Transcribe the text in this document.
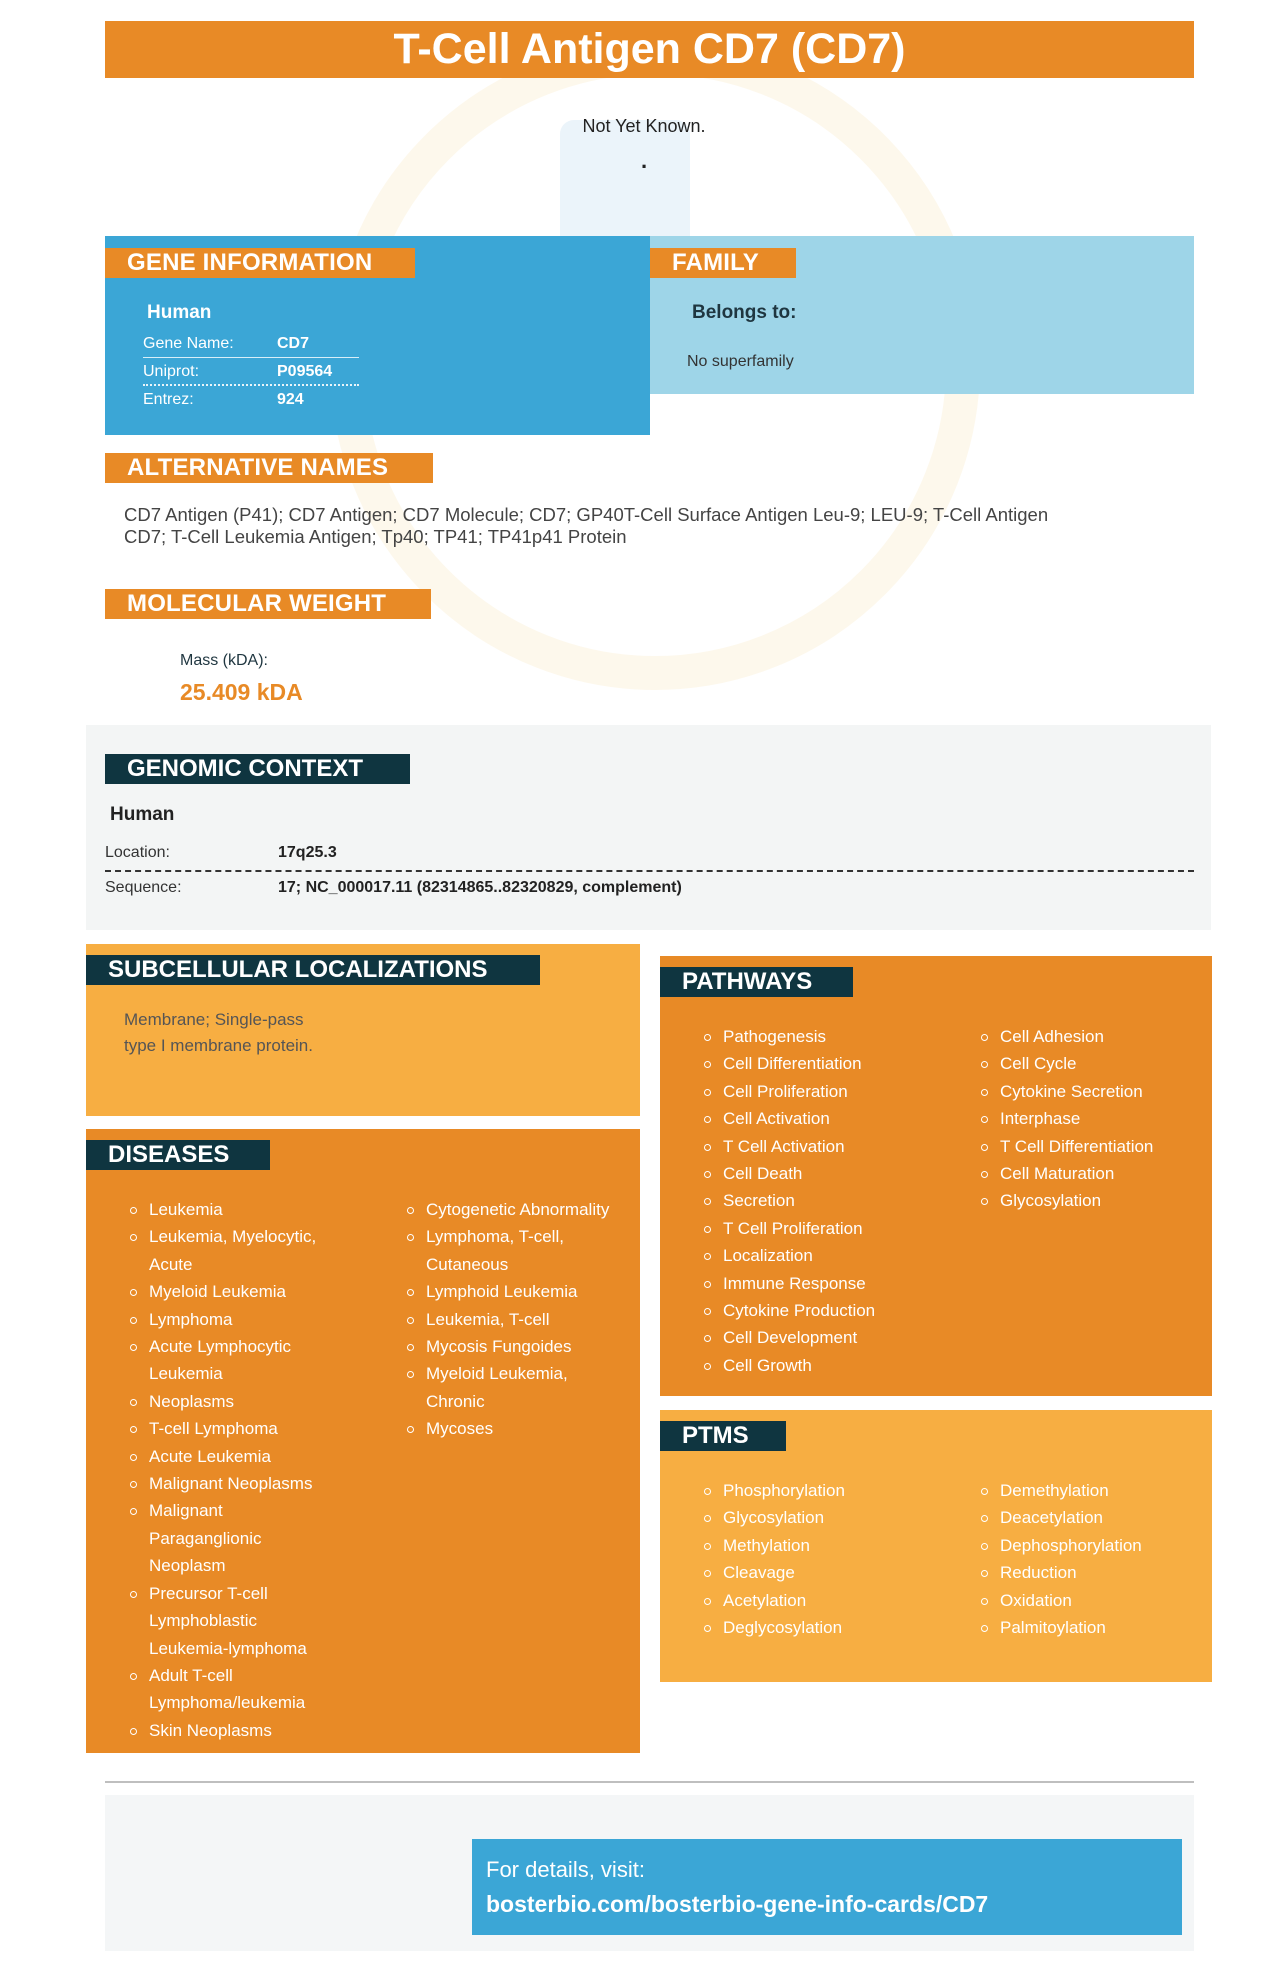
T-Cell Antigen CD7 (CD7)
Not Yet Known.
.
GENE INFORMATION
Human
Gene Name:	CD7
Uniprot:	P09564
Entrez:	924
FAMILY
Belongs to:
No superfamily
ALTERNATIVE NAMES
CD7 Antigen (P41); CD7 Antigen; CD7 Molecule; CD7; GP40T-Cell Surface Antigen Leu-9; LEU-9; T-Cell Antigen
CD7; T-Cell Leukemia Antigen; Tp40; TP41; TP41p41 Protein
MOLECULAR WEIGHT
Mass (kDA):
25.409 kDA
GENOMIC CONTEXT
Human
Location:	17q25.3
Sequence:	17; NC_000017.11 (82314865..82320829, complement)
SUBCELLULAR LOCALIZATIONS
Membrane; Single-pass
type I membrane protein.
DISEASES
Leukemia
Leukemia, Myelocytic,
Acute
Myeloid Leukemia
Lymphoma
Acute Lymphocytic
Leukemia
Neoplasms
T-cell Lymphoma
Acute Leukemia
Malignant Neoplasms
Malignant
Paraganglionic
Neoplasm
Precursor T-cell
Lymphoblastic
Leukemia-lymphoma
Adult T-cell
Lymphoma/leukemia
Skin Neoplasms
Cytogenetic Abnormality
Lymphoma, T-cell,
Cutaneous
Lymphoid Leukemia
Leukemia, T-cell
Mycosis Fungoides
Myeloid Leukemia,
Chronic
Mycoses
PATHWAYS
Pathogenesis
Cell Differentiation
Cell Proliferation
Cell Activation
T Cell Activation
Cell Death
Secretion
T Cell Proliferation
Localization
Immune Response
Cytokine Production
Cell Development
Cell Growth
Cell Adhesion
Cell Cycle
Cytokine Secretion
Interphase
T Cell Differentiation
Cell Maturation
Glycosylation
PTMS
Phosphorylation
Glycosylation
Methylation
Cleavage
Acetylation
Deglycosylation
Demethylation
Deacetylation
Dephosphorylation
Reduction
Oxidation
Palmitoylation
For details, visit:
bosterbio.com/bosterbio-gene-info-cards/CD7
